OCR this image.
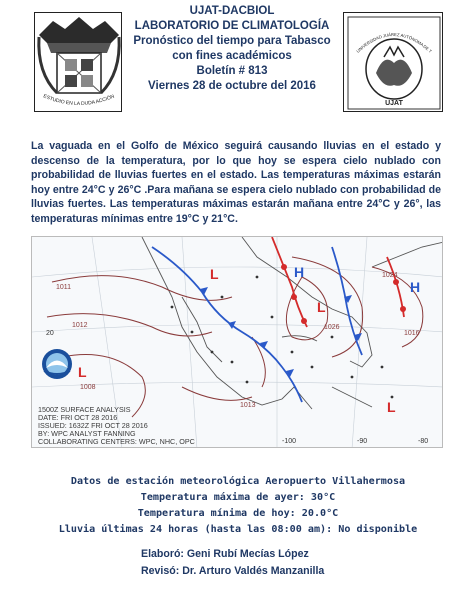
UJAT-DACBIOL
LABORATORIO DE CLIMATOLOGÍA
Pronóstico del tiempo para Tabasco
con fines académicos
Boletín # 813
Viernes 28 de octubre del 2016
ESTUDIO EN LA DUDA ACCIÓN
UNIVERSIDAD JUÁREZ AUTÓNOMA DE T
UJAT
La vaguada en el Golfo de México seguirá causando lluvias en el estado y descenso de la temperatura, por lo que hoy se espera cielo nublado con probabilidad de lluvias fuertes en el estado. Las temperaturas máximas estarán hoy entre 24°C y 26°C .Para mañana se espera cielo nublado con probabilidad de lluvias fuertes. Las temperaturas máximas estarán mañana entre 24°C y 26°, las temperaturas mínimas entre 19°C y 21°C.
L
L
L
L
H
H
1011
1012
1008
1024
1026
1016
1013
20
-100	-90	-80
1500Z SURFACE ANALYSIS
DATE: FRI OCT 28 2016
ISSUED: 1632Z FRI OCT 28 2016
BY: WPC ANALYST FANNING
COLLABORATING CENTERS: WPC, NHC, OPC
Datos de estación meteorológica Aeropuerto Villahermosa
Temperatura máxima de ayer: 30°C
Temperatura mínima de hoy: 20.0°C
Lluvia últimas 24 horas (hasta las 08:00 am): No disponible
Elaboró: Geni Rubí Mecías López
Revisó: Dr. Arturo Valdés Manzanilla
